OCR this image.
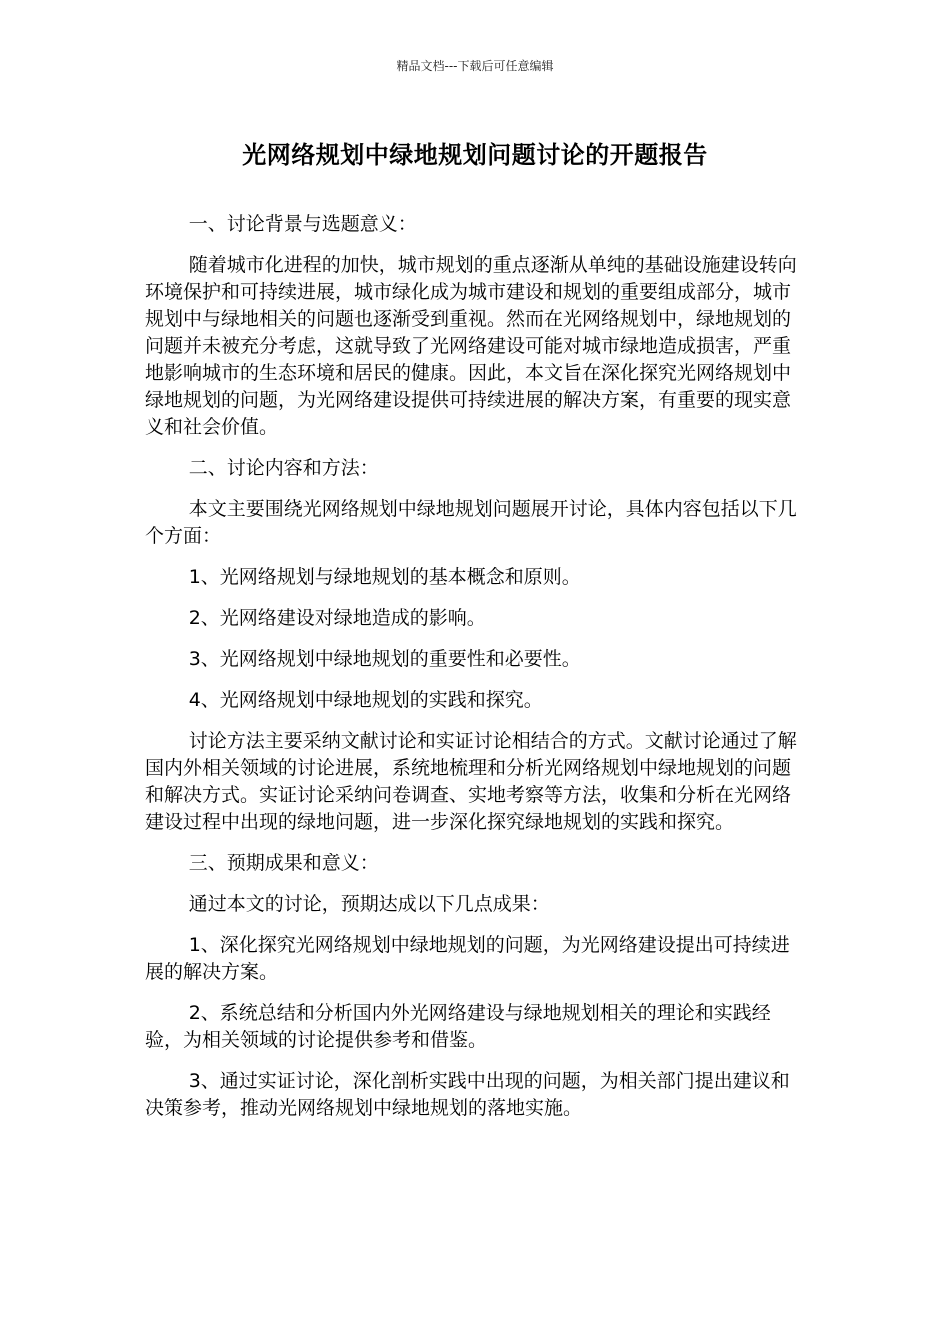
精品文档---下载后可任意编辑
光网络规划中绿地规划问题讨论的开题报告

一、讨论背景与选题意义：

随着城市化进程的加快，城市规划的重点逐渐从单纯的基础设施建设转向环境保护和可持续进展，城市绿化成为城市建设和规划的重要组成部分，城市规划中与绿地相关的问题也逐渐受到重视。然而在光网络规划中，绿地规划的问题并未被充分考虑，这就导致了光网络建设可能对城市绿地造成损害，严重地影响城市的生态环境和居民的健康。因此，本文旨在深化探究光网络规划中绿地规划的问题，为光网络建设提供可持续进展的解决方案，有重要的现实意义和社会价值。

二、讨论内容和方法：

本文主要围绕光网络规划中绿地规划问题展开讨论，具体内容包括以下几个方面：

1、光网络规划与绿地规划的基本概念和原则。

2、光网络建设对绿地造成的影响。

3、光网络规划中绿地规划的重要性和必要性。

4、光网络规划中绿地规划的实践和探究。

讨论方法主要采纳文献讨论和实证讨论相结合的方式。文献讨论通过了解国内外相关领域的讨论进展，系统地梳理和分析光网络规划中绿地规划的问题和解决方式。实证讨论采纳问卷调查、实地考察等方法，收集和分析在光网络建设过程中出现的绿地问题，进一步深化探究绿地规划的实践和探究。

三、预期成果和意义：

通过本文的讨论，预期达成以下几点成果：

1、深化探究光网络规划中绿地规划的问题，为光网络建设提出可持续进展的解决方案。

2、系统总结和分析国内外光网络建设与绿地规划相关的理论和实践经验，为相关领域的讨论提供参考和借鉴。

3、通过实证讨论，深化剖析实践中出现的问题，为相关部门提出建议和决策参考，推动光网络规划中绿地规划的落地实施。
